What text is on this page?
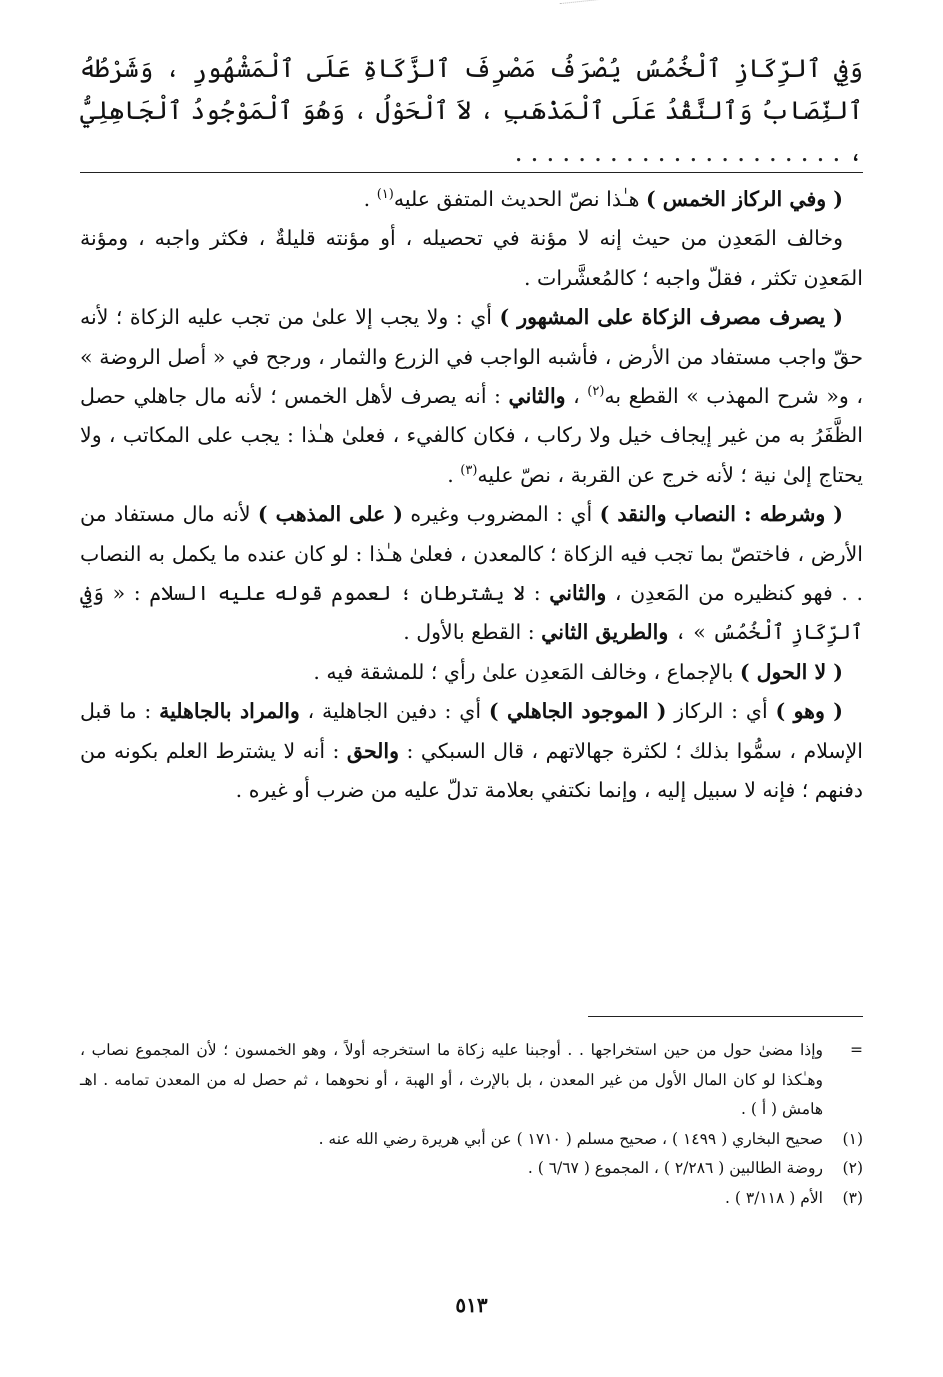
وَفِي ٱلرِّكَازِ ٱلْخُمُسُ يُصْرَفُ مَصْرِفَ ٱلزَّكَاةِ عَلَى ٱلْمَشْهُورِ ، وَشَرْطُهُ ٱلنِّصَابُ وَٱلنَّقْدُ عَلَى ٱلْمَذْهَبِ ، لاَ ٱلْحَوْلُ ، وَهُوَ ٱلْمَوْجُودُ ٱلْجَاهِلِيُّ ، . . . . . . . . . . . . . . . . . . . . .

( وفي الركاز الخمس ) هـٰذا نصّ الحديث المتفق عليه$^{(١)}$ .

وخالف المَعدِن من حيث إنه لا مؤنة في تحصيله ، أو مؤنته قليلةٌ ، فكثر واجبه ، ومؤنة المَعدِن تكثر ، فقلّ واجبه ؛ كالمُعشَّرات .

( يصرف مصرف الزكاة على المشهور ) أي : ولا يجب إلا علىٰ من تجب عليه الزكاة ؛ لأنه حقّ واجب مستفاد من الأرض ، فأشبه الواجب في الزرع والثمار ، ورجح في « أصل الروضة » ، و« شرح المهذب » القطع به$^{(٢)}$ ، والثاني : أنه يصرف لأهل الخمس ؛ لأنه مال جاهلي حصل الظَّفَرُ به من غير إيجاف خيل ولا ركاب ، فكان كالفيء ، فعلىٰ هـٰذا : يجب على المكاتب ، ولا يحتاج إلىٰ نية ؛ لأنه خرج عن القربة ، نصّ عليه$^{(٣)}$ .

( وشرطه : النصاب والنقد ) أي : المضروب وغيره ( على المذهب ) لأنه مال مستفاد من الأرض ، فاختصّ بما تجب فيه الزكاة ؛ كالمعدن ، فعلىٰ هـٰذا : لو كان عنده ما يكمل به النصاب . . فهو كنظيره من المَعدِن ، والثاني : لا يشترطان ؛ لعموم قوله عليه السلام : « وَفِي ٱلرِّكَازِ ٱلْخُمُسُ » ، والطريق الثاني : القطع بالأول .

( لا الحول ) بالإجماع ، وخالف المَعدِن علىٰ رأي ؛ للمشقة فيه .

( وهو ) أي : الركاز ( الموجود الجاهلي ) أي : دفين الجاهلية ، والمراد بالجاهلية : ما قبل الإسلام ، سمُّوا بذلك ؛ لكثرة جهالاتهم ، قال السبكي : والحق : أنه لا يشترط العلم بكونه من دفنهم ؛ فإنه لا سبيل إليه ، وإنما نكتفي بعلامة تدلّ عليه من ضرب أو غيره .

=
وإذا مضىٰ حول من حين استخراجها . . أوجبنا عليه زكاة ما استخرجه أولاً ، وهو الخمسون ؛ لأن المجموع نصاب ، وهـٰكذا لو كان المال الأول من غير المعدن ، بل بالإرث ، أو الهبة ، أو نحوهما ، ثم حصل له من المعدن تمامه . اهـ هامش ( أ ) .
(١)
صحيح البخاري ( ١٤٩٩ ) ، صحيح مسلم ( ١٧١٠ ) عن أبي هريرة رضي الله عنه .
(٢)
روضة الطالبين ( ٢/٢٨٦ ) ، المجموع ( ٦/٦٧ ) .
(٣)
الأم ( ٣/١١٨ ) .
٥١٣
